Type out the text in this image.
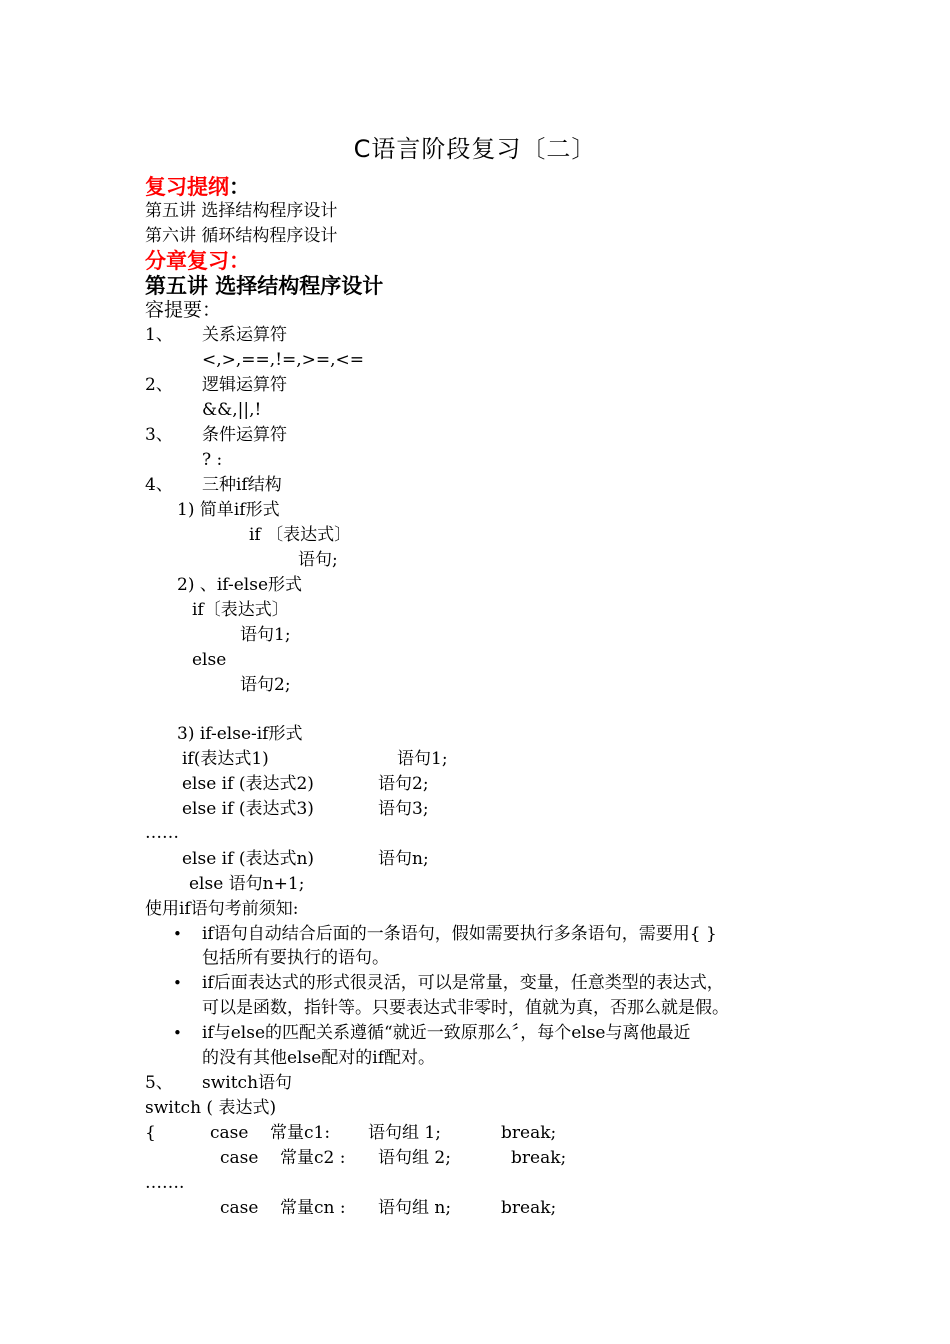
C语言阶段复习〔二〕
复习提纲：
第五讲 选择结构程序设计
第六讲 循环结构程序设计
分章复习：
第五讲 选择结构程序设计
容提要：
1、 关系运算符
<,>,==,!=,>=,<=
2、 逻辑运算符
&&,||,!
3、 条件运算符
? :
4、 三种if结构
1) 简单if形式
if 〔表达式〕
语句;
2) 、if-else形式
if〔表达式〕
语句1;
else
语句2;
3) if-else-if形式
if(表达式1)	语句1;
else if (表达式2)	语句2;
else if (表达式3)	语句3;
……
else if (表达式n)	语句n;
else 语句n+1;
使用if语句考前须知:
• if语句自动结合后面的一条语句，假如需要执行多条语句，需要用{ }
包括所有要执行的语句。
• if后面表达式的形式很灵活，可以是常量，变量，任意类型的表达式，
可以是函数，指针等。只要表达式非零时，值就为真，否那么就是假。
• if与else的匹配关系遵循“就近一致原那么〞，每个else与离他最近
的没有其他else配对的if配对。
5、 switch语句
switch ( 表达式)
{	case 常量c1: 语句组 1;	break;
case 常量c2 : 语句组 2;	break;
…….
case 常量cn : 语句组 n;	break;
